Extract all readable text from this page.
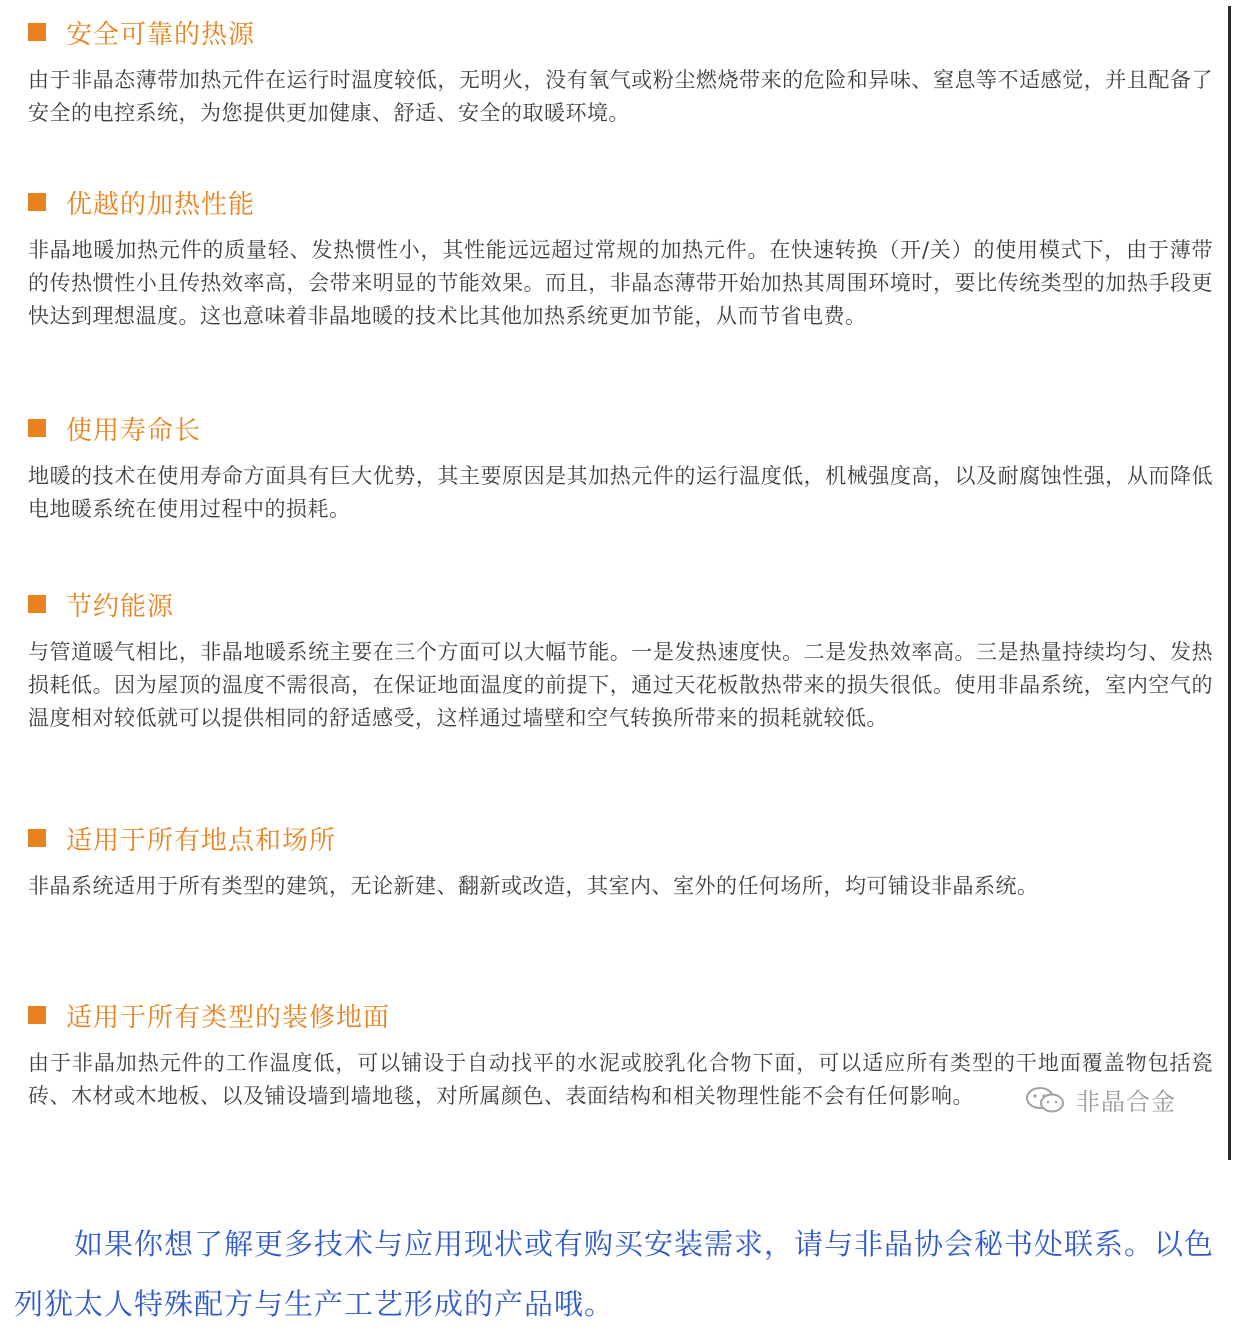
安全可靠的热源
由于非晶态薄带加热元件在运行时温度较低，无明火，没有氧气或粉尘燃烧带来的危险和异味、窒息等不适感觉，并且配备了安全的电控系统，为您提供更加健康、舒适、安全的取暖环境。
优越的加热性能
非晶地暖加热元件的质量轻、发热惯性小，其性能远远超过常规的加热元件。在快速转换（开/关）的使用模式下，由于薄带的传热惯性小且传热效率高，会带来明显的节能效果。而且，非晶态薄带开始加热其周围环境时，要比传统类型的加热手段更快达到理想温度。这也意味着非晶地暖的技术比其他加热系统更加节能，从而节省电费。
使用寿命长
地暖的技术在使用寿命方面具有巨大优势，其主要原因是其加热元件的运行温度低，机械强度高，以及耐腐蚀性强，从而降低电地暖系统在使用过程中的损耗。
节约能源
与管道暖气相比，非晶地暖系统主要在三个方面可以大幅节能。一是发热速度快。二是发热效率高。三是热量持续均匀、发热损耗低。因为屋顶的温度不需很高，在保证地面温度的前提下，通过天花板散热带来的损失很低。使用非晶系统，室内空气的温度相对较低就可以提供相同的舒适感受，这样通过墙壁和空气转换所带来的损耗就较低。
适用于所有地点和场所
非晶系统适用于所有类型的建筑，无论新建、翻新或改造，其室内、室外的任何场所，均可铺设非晶系统。
适用于所有类型的装修地面
由于非晶加热元件的工作温度低，可以铺设于自动找平的水泥或胶乳化合物下面，可以适应所有类型的干地面覆盖物包括瓷砖、木材或木地板、以及铺设墙到墙地毯，对所属颜色、表面结构和相关物理性能不会有任何影响。	非晶合金
如果你想了解更多技术与应用现状或有购买安装需求，请与非晶协会秘书处联系。以色列犹太人特殊配方与生产工艺形成的产品哦。
